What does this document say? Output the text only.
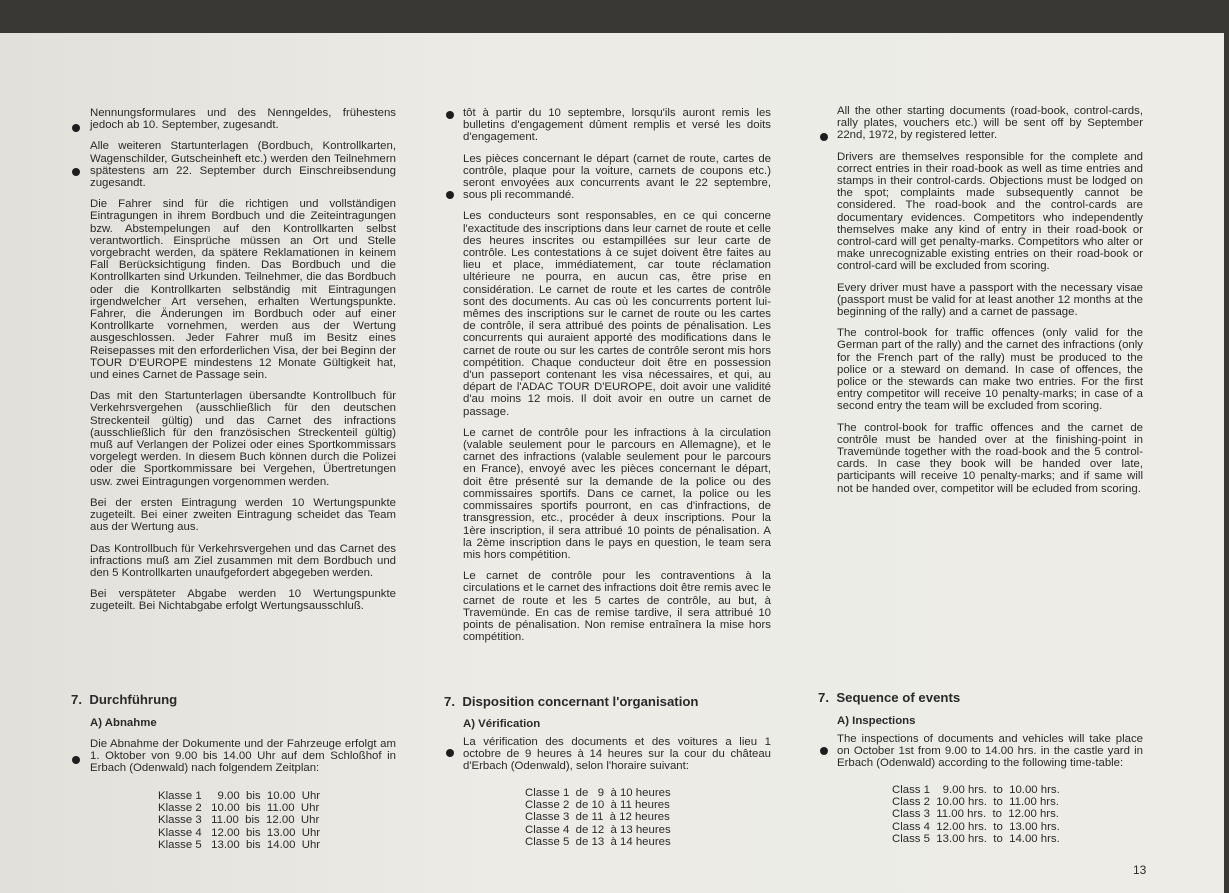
Nennungsformulares und des Nenngeldes, frühestens jedoch ab 10. September, zugesandt.

Alle weiteren Startunterlagen (Bordbuch, Kontrollkarten, Wagenschilder, Gutscheinheft etc.) werden den Teilnehmern spätestens am 22. September durch Einschreibsendung zugesandt.

Die Fahrer sind für die richtigen und vollständigen Eintragungen in ihrem Bordbuch und die Zeiteintragungen bzw. Abstempelungen auf den Kontrollkarten selbst verantwortlich. Einsprüche müssen an Ort und Stelle vorgebracht werden, da spätere Reklamationen in keinem Fall Berücksichtigung finden. Das Bordbuch und die Kontrollkarten sind Urkunden. Teilnehmer, die das Bordbuch oder die Kontrollkarten selbständig mit Eintragungen irgendwelcher Art versehen, erhalten Wertungspunkte. Fahrer, die Änderungen im Bordbuch oder auf einer Kontrollkarte vornehmen, werden aus der Wertung ausgeschlossen. Jeder Fahrer muß im Besitz eines Reisepasses mit den erforderlichen Visa, der bei Beginn der TOUR D'EUROPE mindestens 12 Monate Gültigkeit hat, und eines Carnet de Passage sein.

Das mit den Startunterlagen übersandte Kontrollbuch für Verkehrsvergehen (ausschließlich für den deutschen Streckenteil gültig) und das Carnet des infractions (ausschließlich für den französischen Streckenteil gültig) muß auf Verlangen der Polizei oder eines Sportkommissars vorgelegt werden. In diesem Buch können durch die Polizei oder die Sportkommissare bei Vergehen, Übertretungen usw. zwei Eintragungen vorgenommen werden.

Bei der ersten Eintragung werden 10 Wertungspunkte zugeteilt. Bei einer zweiten Eintragung scheidet das Team aus der Wertung aus.

Das Kontrollbuch für Verkehrsvergehen und das Carnet des infractions muß am Ziel zusammen mit dem Bordbuch und den 5 Kontrollkarten unaufgefordert abgegeben werden.

Bei verspäteter Abgabe werden 10 Wertungspunkte zugeteilt. Bei Nichtabgabe erfolgt Wertungsausschluß.

7. Durchführung
A) Abnahme
Die Abnahme der Dokumente und der Fahrzeuge erfolgt am 1. Oktober von 9.00 bis 14.00 Uhr auf dem Schloßhof in Erbach (Odenwald) nach folgendem Zeitplan:
Klasse 1     9.00  bis  10.00  Uhr
Klasse 2   10.00  bis  11.00  Uhr
Klasse 3   11.00  bis  12.00  Uhr
Klasse 4   12.00  bis  13.00  Uhr
Klasse 5   13.00  bis  14.00  Uhr

tôt à partir du 10 septembre, lorsqu'ils auront remis les bulletins d'engagement dûment remplis et versé les doits d'engagement.

Les pièces concernant le départ (carnet de route, cartes de contrôle, plaque pour la voiture, carnets de coupons etc.) seront envoyées aux concurrents avant le 22 septembre, sous pli recommandé.

Les conducteurs sont responsables, en ce qui concerne l'exactitude des inscriptions dans leur carnet de route et celle des heures inscrites ou estampillées sur leur carte de contrôle. Les contestations à ce sujet doivent être faites au lieu et place, immédiatement, car toute réclamation ultérieure ne pourra, en aucun cas, être prise en considération. Le carnet de route et les cartes de contrôle sont des documents. Au cas où les concurrents portent lui-mêmes des inscriptions sur le carnet de route ou les cartes de contrôle, il sera attribué des points de pénalisation. Les concurrents qui auraient apporté des modifications dans le carnet de route ou sur les cartes de contrôle seront mis hors compétition. Chaque conducteur doit être en possession d'un passeport contenant les visa nécessaires, et qui, au départ de l'ADAC TOUR D'EUROPE, doit avoir une validité d'au moins 12 mois. Il doit avoir en outre un carnet de passage.

Le carnet de contrôle pour les infractions à la circulation (valable seulement pour le parcours en Allemagne), et le carnet des infractions (valable seulement pour le parcours en France), envoyé avec les pièces concernant le départ, doit être présenté sur la demande de la police ou des commissaires sportifs. Dans ce carnet, la police ou les commissaires sportifs pourront, en cas d'infractions, de transgression, etc., procéder à deux inscriptions. Pour la 1ère inscription, il sera attribué 10 points de pénalisation. A la 2ème inscription dans le pays en question, le team sera mis hors compétition.

Le carnet de contrôle pour les contraventions à la circulations et le carnet des infractions doit être remis avec le carnet de route et les 5 cartes de contrôle, au but, à Travemünde. En cas de remise tardive, il sera attribué 10 points de pénalisation. Non remise entraînera la mise hors compétition.

7. Disposition concernant l'organisation
A) Vérification
La vérification des documents et des voitures a lieu 1 octobre de 9 heures à 14 heures sur la cour du château d'Erbach (Odenwald), selon l'horaire suivant:
Classe 1  de   9  à 10 heures
Classe 2  de 10  à 11 heures
Classe 3  de 11  à 12 heures
Classe 4  de 12  à 13 heures
Classe 5  de 13  à 14 heures

All the other starting documents (road-book, control-cards, rally plates, vouchers etc.) will be sent off by September 22nd, 1972, by registered letter.

Drivers are themselves responsible for the complete and correct entries in their road-book as well as time entries and stamps in their control-cards. Objections must be lodged on the spot; complaints made subsequently cannot be considered. The road-book and the control-cards are documentary evidences. Competitors who independently themselves make any kind of entry in their road-book or control-card will get penalty-marks. Competitors who alter or make unrecognizable existing entries on their road-book or control-card will be excluded from scoring.

Every driver must have a passport with the necessary visae (passport must be valid for at least another 12 months at the beginning of the rally) and a carnet de passage.

The control-book for traffic offences (only valid for the German part of the rally) and the carnet des infractions (only for the French part of the rally) must be produced to the police or a steward on demand. In case of offences, the police or the stewards can make two entries. For the first entry competitor will receive 10 penalty-marks; in case of a second entry the team will be excluded from scoring.

The control-book for traffic offences and the carnet de contrôle must be handed over at the finishing-point in Travemünde together with the road-book and the 5 control-cards. In case they book will be handed over late, participants will receive 10 penalty-marks; and if same will not be handed over, competitor will be ecluded from scoring.

7. Sequence of events
A) Inspections
The inspections of documents and vehicles will take place on October 1st from 9.00 to 14.00 hrs. in the castle yard in Erbach (Odenwald) according to the following time-table:
Class 1    9.00 hrs.  to  10.00 hrs.
Class 2  10.00 hrs.  to  11.00 hrs.
Class 3  11.00 hrs.  to  12.00 hrs.
Class 4  12.00 hrs.  to  13.00 hrs.
Class 5  13.00 hrs.  to  14.00 hrs.
13
